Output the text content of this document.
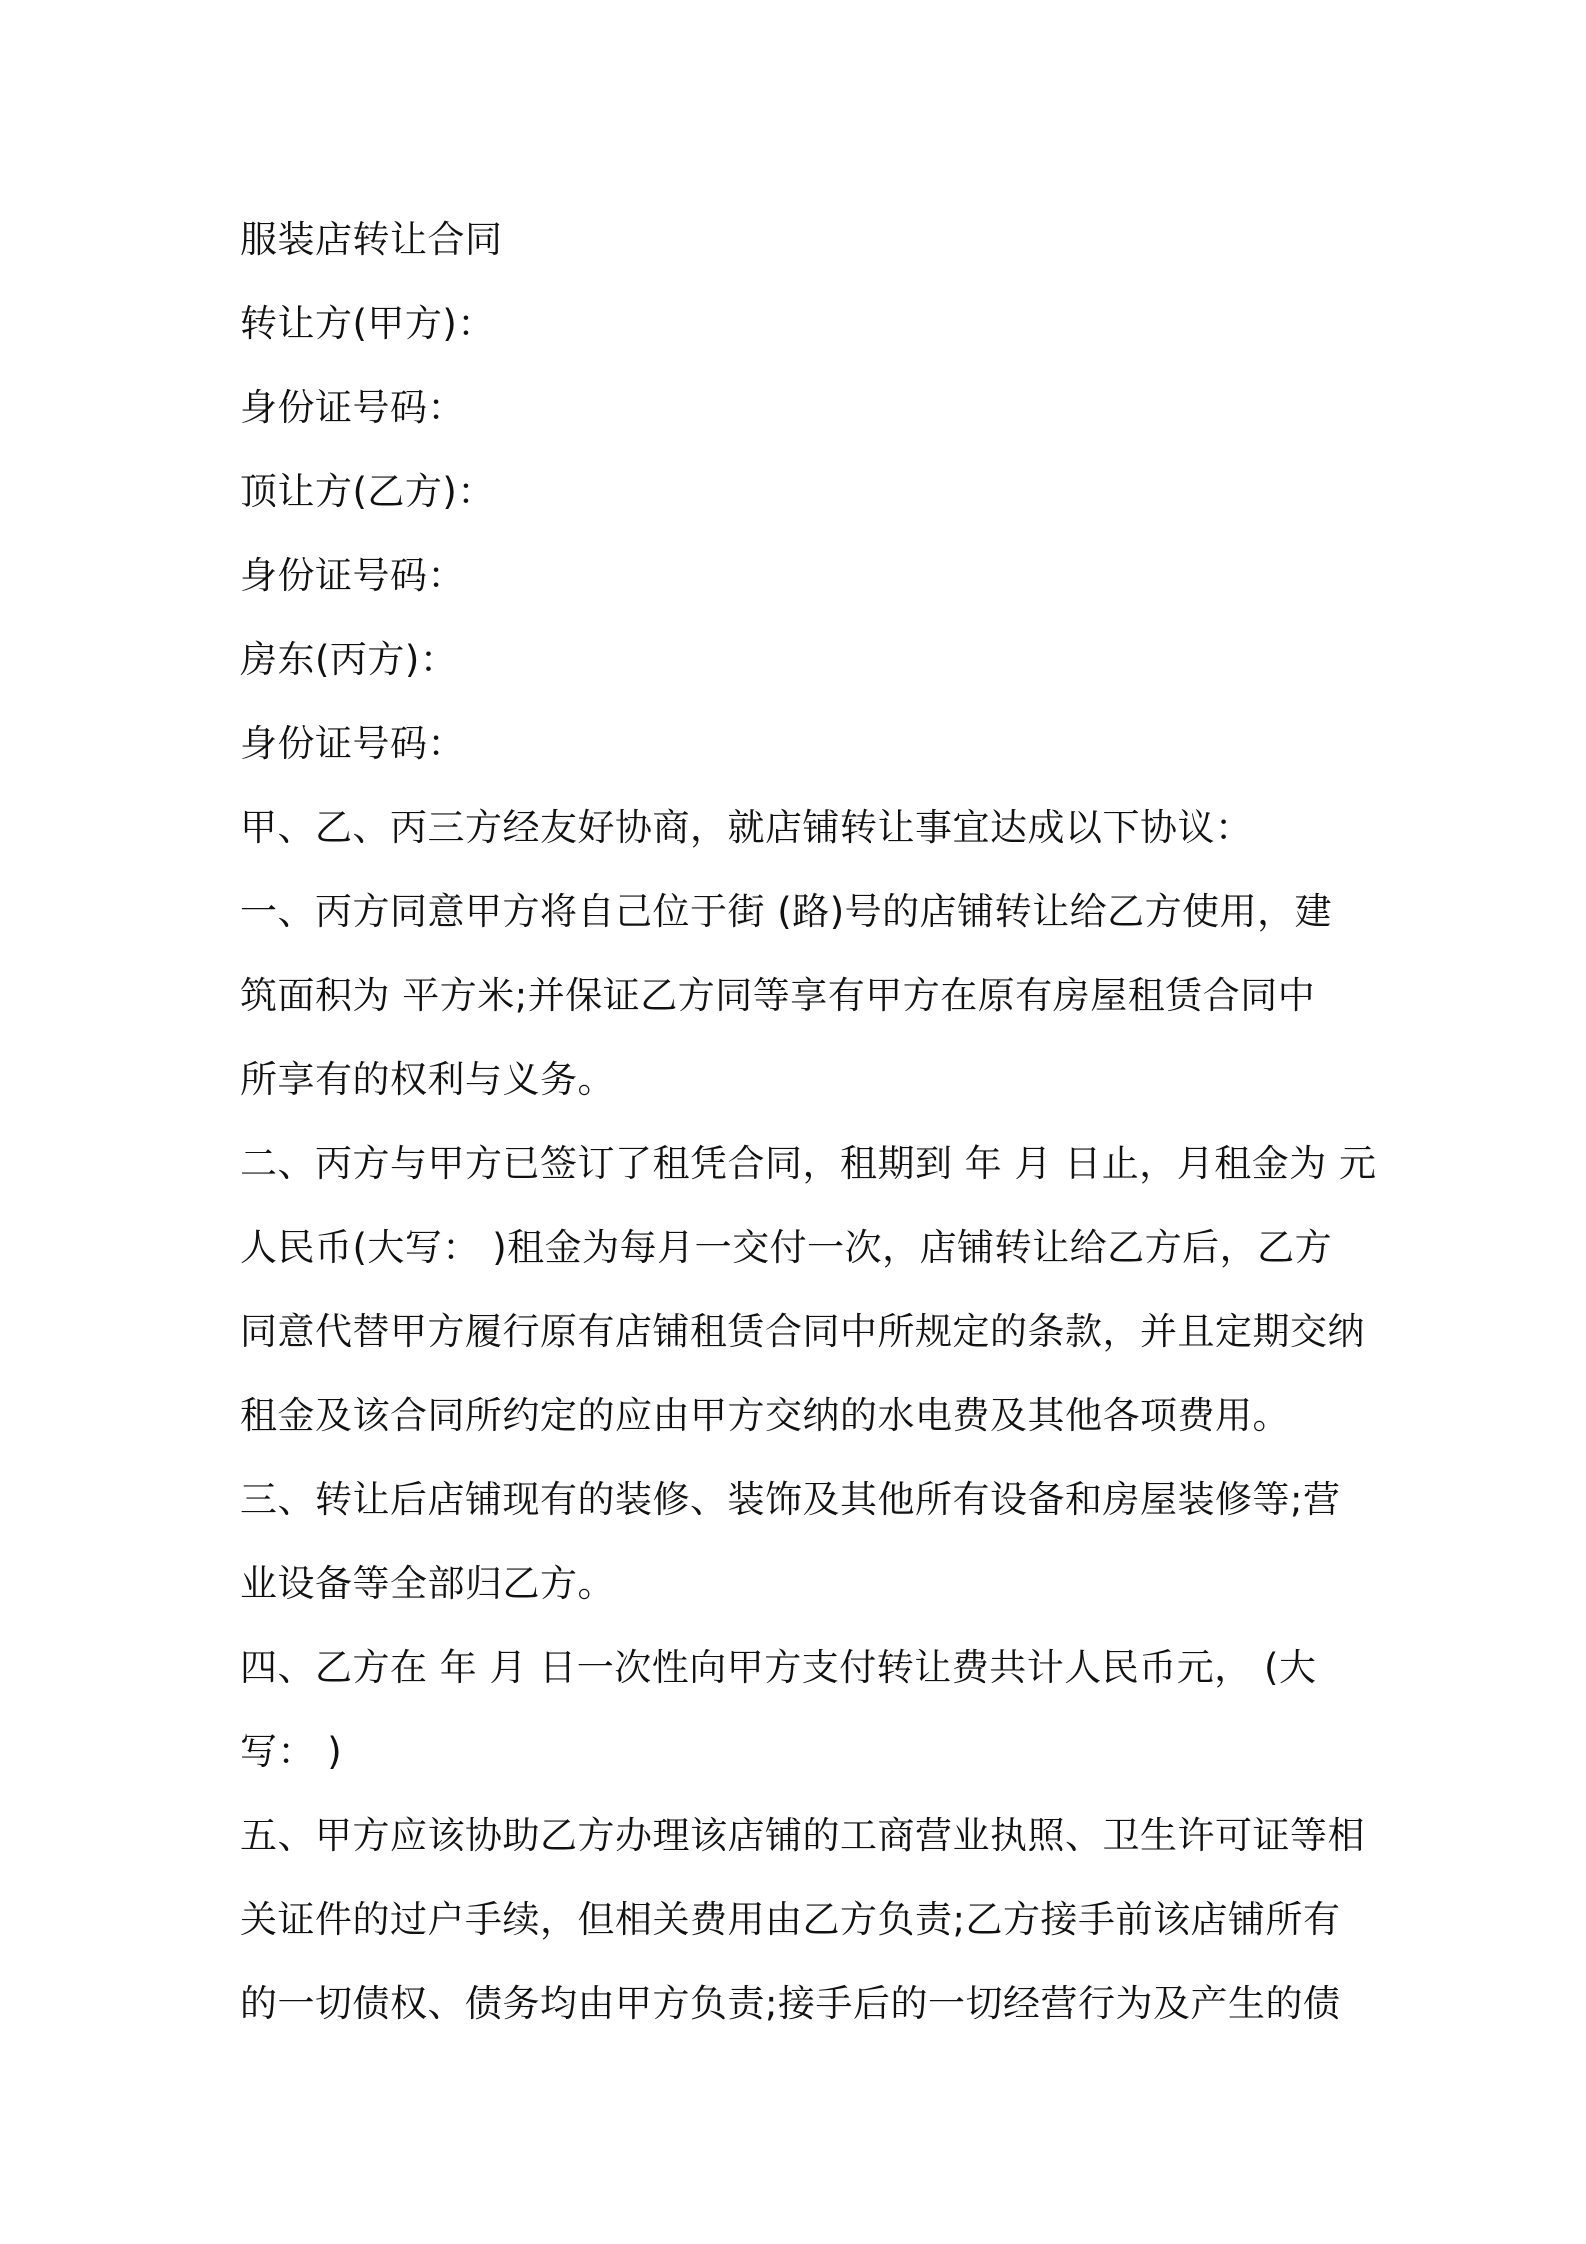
服装店转让合同

转让方(甲方)：

身份证号码：

顶让方(乙方)：

身份证号码：

房东(丙方)：

身份证号码：

甲、乙、丙三方经友好协商，就店铺转让事宜达成以下协议：

一、丙方同意甲方将自己位于街 (路)号的店铺转让给乙方使用，建

筑面积为 平方米;并保证乙方同等享有甲方在原有房屋租赁合同中

所享有的权利与义务。

二、丙方与甲方已签订了租凭合同，租期到 年 月 日止，月租金为 元

人民币(大写： )租金为每月一交付一次，店铺转让给乙方后，乙方

同意代替甲方履行原有店铺租赁合同中所规定的条款，并且定期交纳

租金及该合同所约定的应由甲方交纳的水电费及其他各项费用。

三、转让后店铺现有的装修、装饰及其他所有设备和房屋装修等;营

业设备等全部归乙方。

四、乙方在 年 月 日一次性向甲方支付转让费共计人民币元， (大

写： )

五、甲方应该协助乙方办理该店铺的工商营业执照、卫生许可证等相

关证件的过户手续，但相关费用由乙方负责;乙方接手前该店铺所有

的一切债权、债务均由甲方负责;接手后的一切经营行为及产生的债
